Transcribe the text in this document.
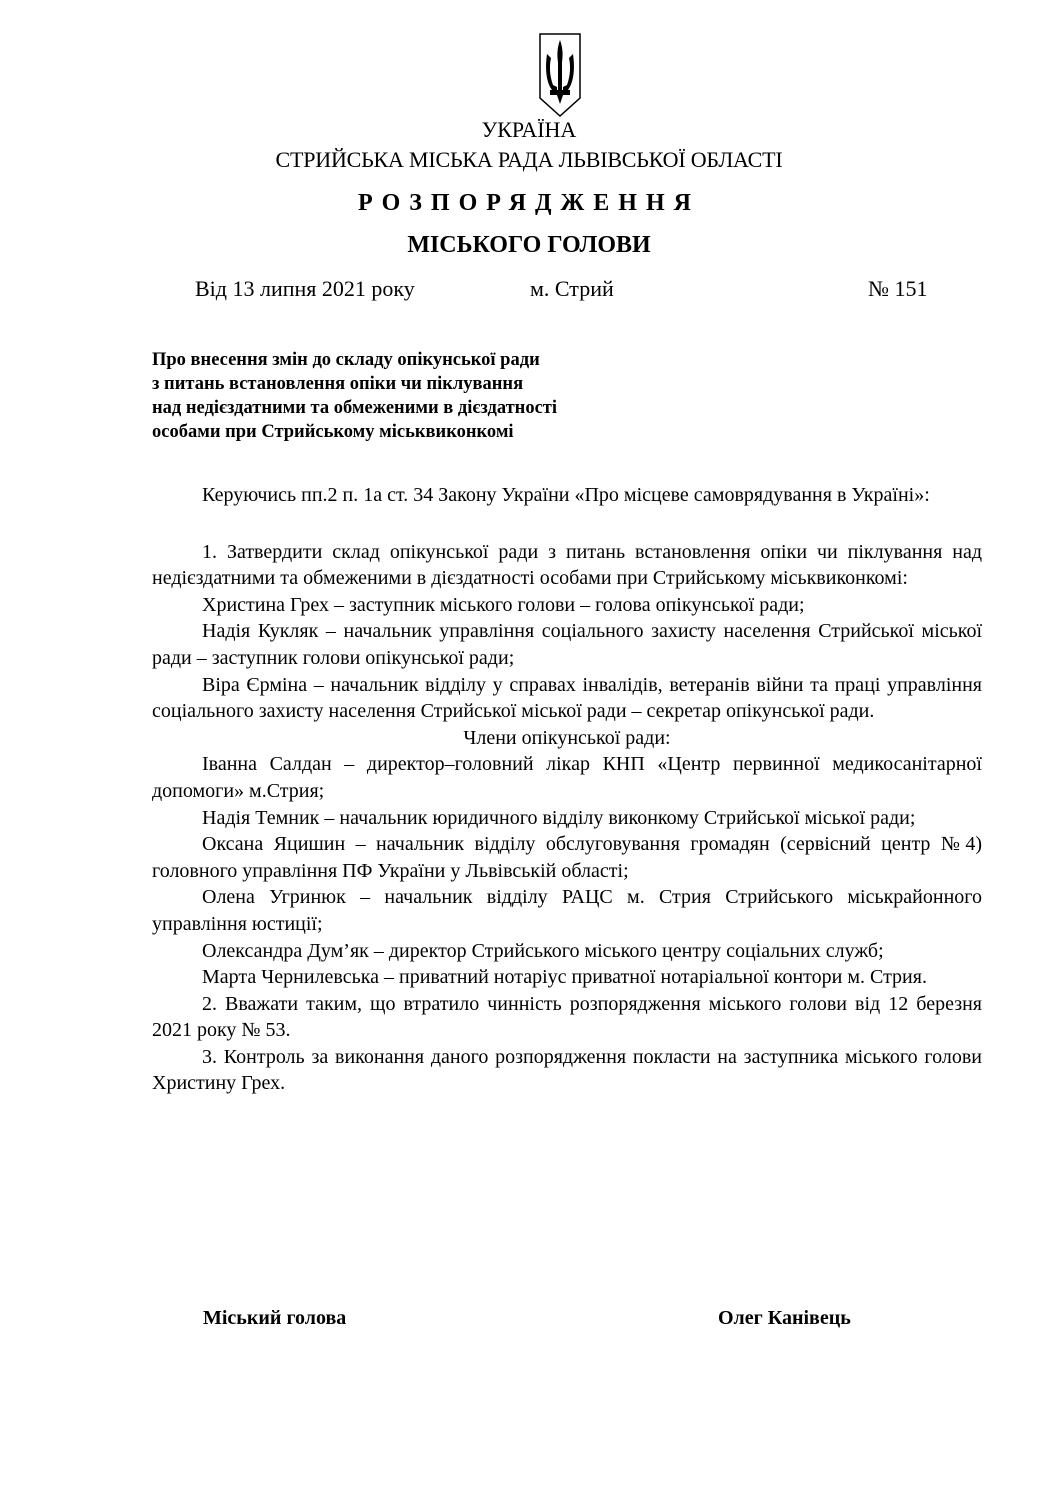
УКРАЇНА
СТРИЙСЬКА МІСЬКА РАДА ЛЬВІВСЬКОЇ ОБЛАСТІ
РОЗПОРЯДЖЕННЯ
МІСЬКОГО ГОЛОВИ
Від 13 липня 2021 року	м. Стрий	№ 151
Про внесення змін до складу опікунської ради
з питань встановлення опіки чи піклування
над недієздатними та обмеженими в дієздатності
особами при Стрийському міськвиконкомі

Керуючись пп.2 п. 1а ст. 34 Закону України «Про місцеве самоврядування в Україні»:

1. Затвердити склад опікунської ради з питань встановлення опіки чи піклування над недієздатними та обмеженими в дієздатності особами при Стрийському міськвиконкомі:

Христина Грех – заступник міського голови – голова опікунської ради;

Надія Кукляк – начальник управління соціального захисту населення Стрийської міської ради – заступник голови опікунської ради;

Віра Єрміна – начальник відділу у справах інвалідів, ветеранів війни та праці управління соціального захисту населення Стрийської міської ради – секретар опікунської ради.

Члени опікунської ради:

Іванна Салдан – директор–головний лікар КНП «Центр первинної медикосанітарної допомоги» м.Стрия;

Надія Темник – начальник юридичного відділу виконкому Стрийської міської ради;

Оксана Яцишин – начальник відділу обслуговування громадян (сервісний центр №4) головного управління ПФ України у Львівській області;

Олена Угринюк – начальник відділу РАЦС м. Стрия Стрийського міськрайонного управління юстиції;

Олександра Дум’як – директор Стрийського міського центру соціальних служб;

Марта Чернилевська – приватний нотаріус приватної нотаріальної контори м. Стрия.

2. Вважати таким, що втратило чинність розпорядження міського голови від 12 березня 2021 року № 53.

3. Контроль за виконання даного розпорядження покласти на заступника міського голови Христину Грех.

Міський голова	Олег Канівець
